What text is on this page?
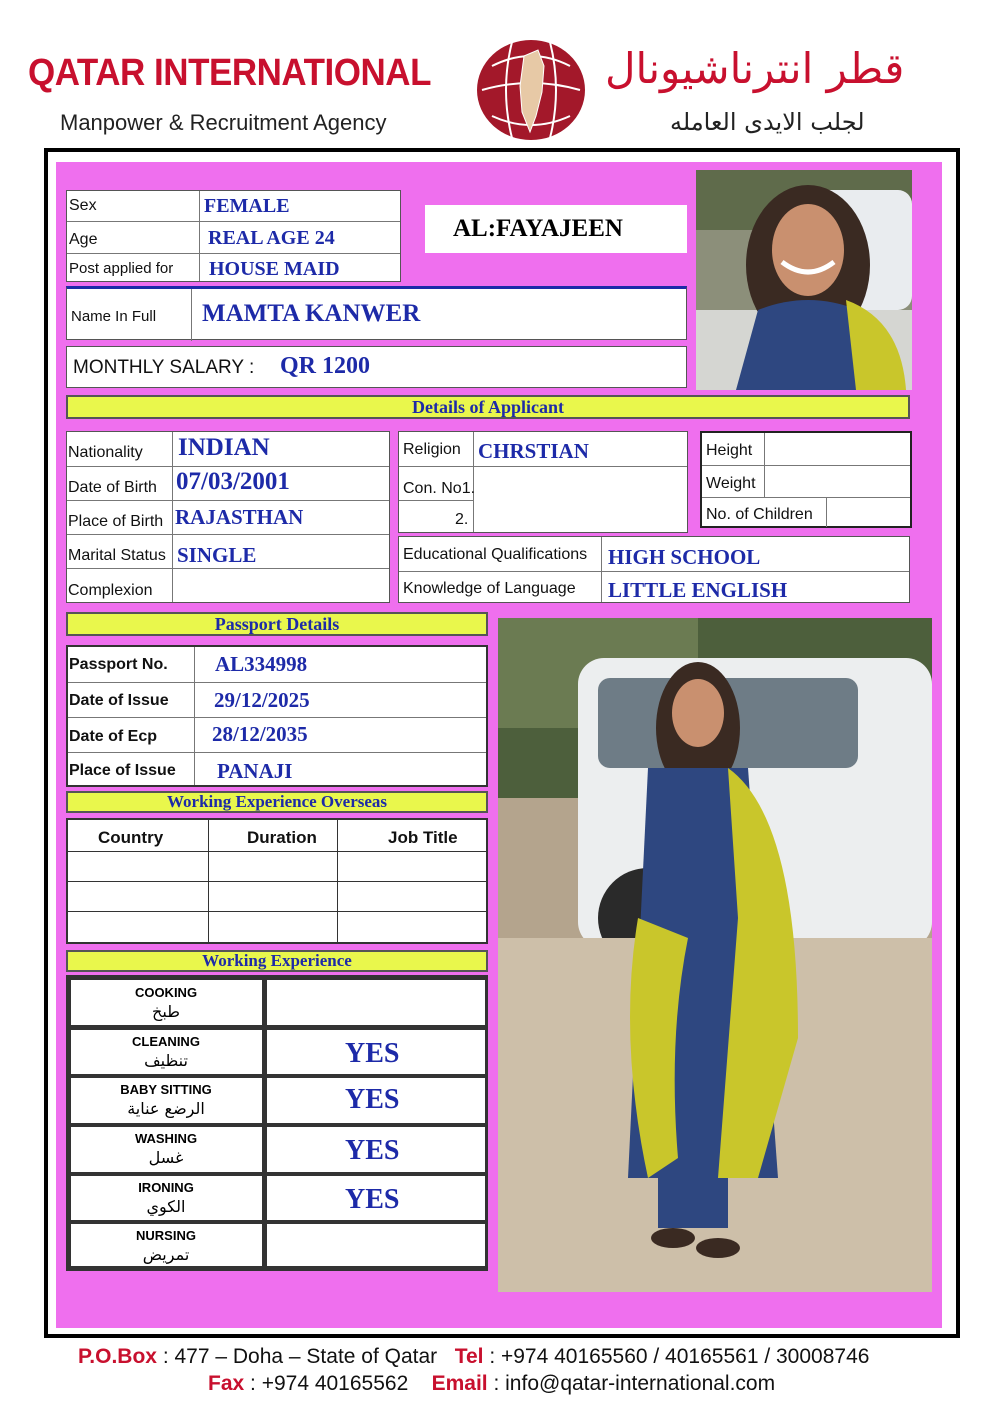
QATAR INTERNATIONAL
Manpower & Recruitment Agency
قطر انترناشيونال
لجلب الايدى العامله
Sex	FEMALE
Age	REAL AGE 24
Post applied for HOUSE MAID
AL:FAYAJEEN
Name In Full MAMTA KANWER
MONTHLY SALARY : QR 1200
Details of Applicant
Nationality INDIAN
Date of Birth 07/03/2001
Place of Birth RAJASTHAN
Marital Status SINGLE
Complexion
Religion CHRSTIAN
Con. No1.
2.
Height
Weight
No. of Children
Educational Qualifications HIGH SCHOOL
Knowledge of Language LITTLE ENGLISH
Passport Details
Passport No. AL334998
Date of Issue 29/12/2025
Date of Ecp	28/12/2035
Place of Issue PANAJI
Working Experience Overseas
Country	Duration	Job Title
Working Experience
COOKING
طبخ
CLEANING
تنظيف	YES
BABY SITTING
الرضع عناية	YES
WASHING
غسل	YES
IRONING
الكوي	YES
NURSING
تمريض
P.O.Box : 477 – Doha – State of Qatar Tel : +974 40165560 / 40165561 / 30008746
Fax : +974 40165562 Email : info@qatar-international.com
